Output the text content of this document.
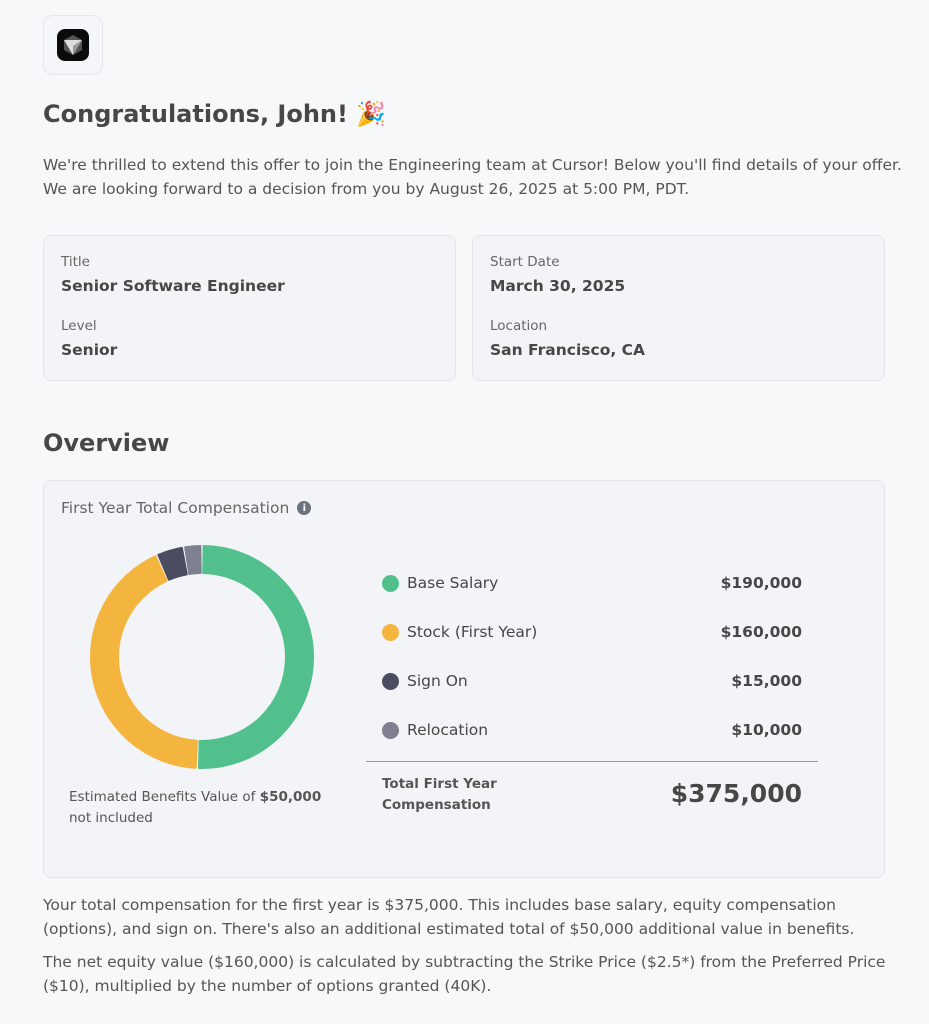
Congratulations, John! 🎉
We're thrilled to extend this offer to join the Engineering team at Cursor! Below you'll find details of your offer.
We are looking forward to a decision from you by August 26, 2025 at 5:00 PM, PDT.
Title
Senior Software Engineer
Level
Senior
Start Date
March 30, 2025
Location
San Francisco, CA
Overview
First Year Total Compensation	i
Base Salary	$190,000
Stock (First Year)	$160,000
Sign On	$15,000
Relocation	$10,000
Estimated Benefits Value of $50,000
not included
Total First Year
Compensation	$375,000
Your total compensation for the first year is $375,000. This includes base salary, equity compensation (options), and sign on. There's also an additional estimated total of $50,000 additional value in benefits.
The net equity value ($160,000) is calculated by subtracting the Strike Price ($2.5*) from the Preferred Price ($10), multiplied by the number of options granted (40K).
